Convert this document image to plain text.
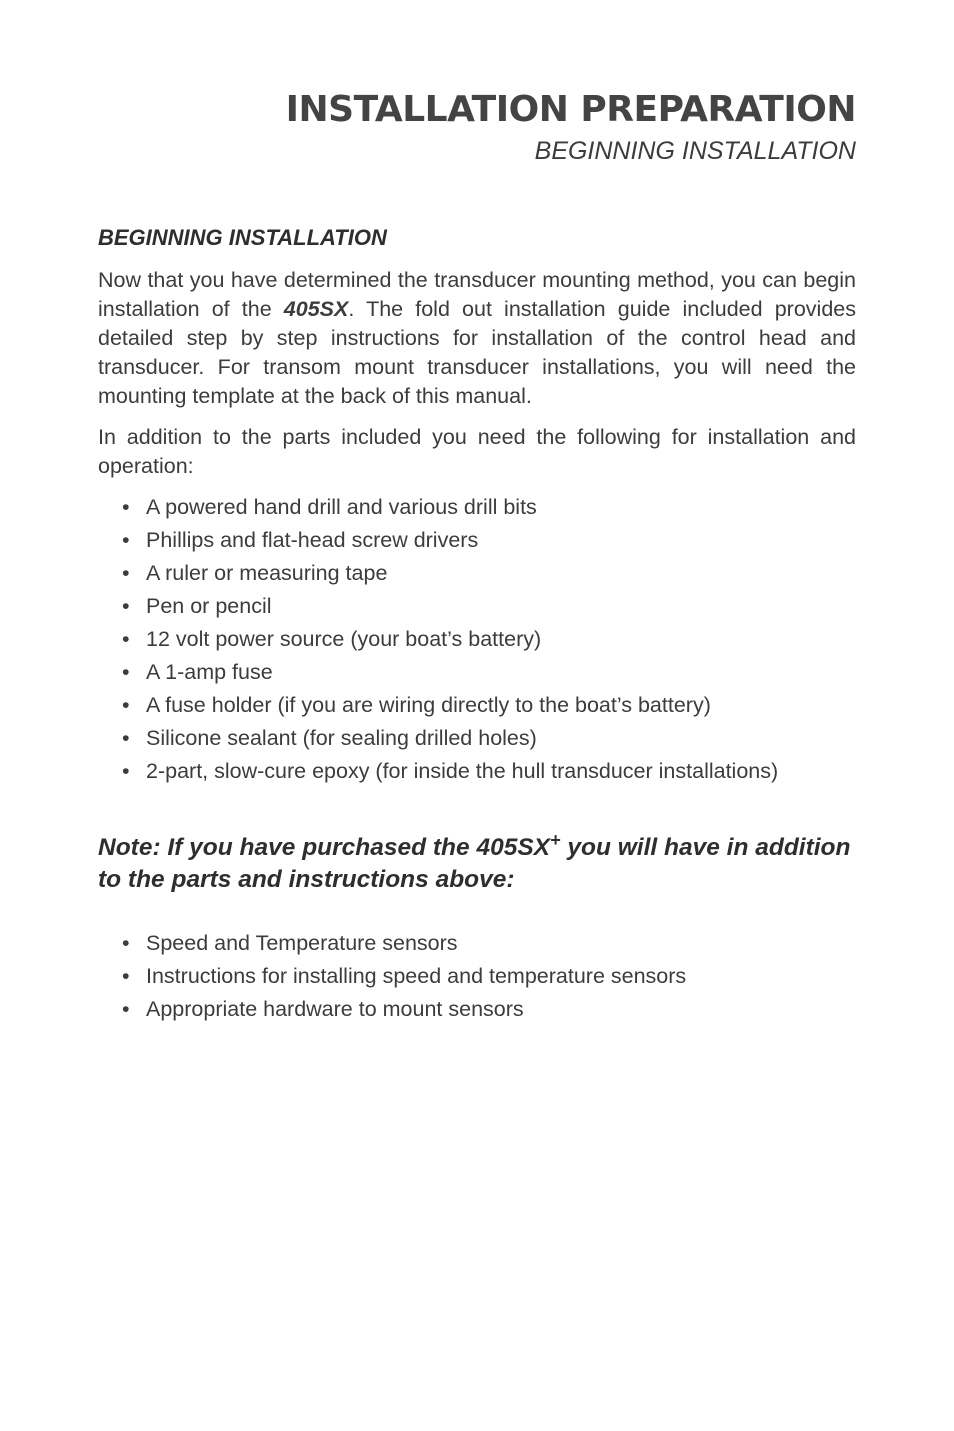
INSTALLATION PREPARATION
BEGINNING INSTALLATION
BEGINNING INSTALLATION

Now that you have determined the transducer mounting method, you can begin installation of the 405SX. The fold out installation guide included provides detailed step by step instructions for installation of the control head and transducer. For transom mount transducer installations, you will need the mounting template at the back of this manual.

In addition to the parts included you need the following for installation and operation:

• A powered hand drill and various drill bits
• Phillips and flat-head screw drivers
• A ruler or measuring tape
• Pen or pencil
• 12 volt power source (your boat’s battery)
• A 1-amp fuse
• A fuse holder (if you are wiring directly to the boat’s battery)
• Silicone sealant (for sealing drilled holes)
• 2-part, slow-cure epoxy (for inside the hull transducer installations)

Note: If you have purchased the 405SX+ you will have in addition to the parts and instructions above:

• Speed and Temperature sensors
• Instructions for installing speed and temperature sensors
• Appropriate hardware to mount sensors
